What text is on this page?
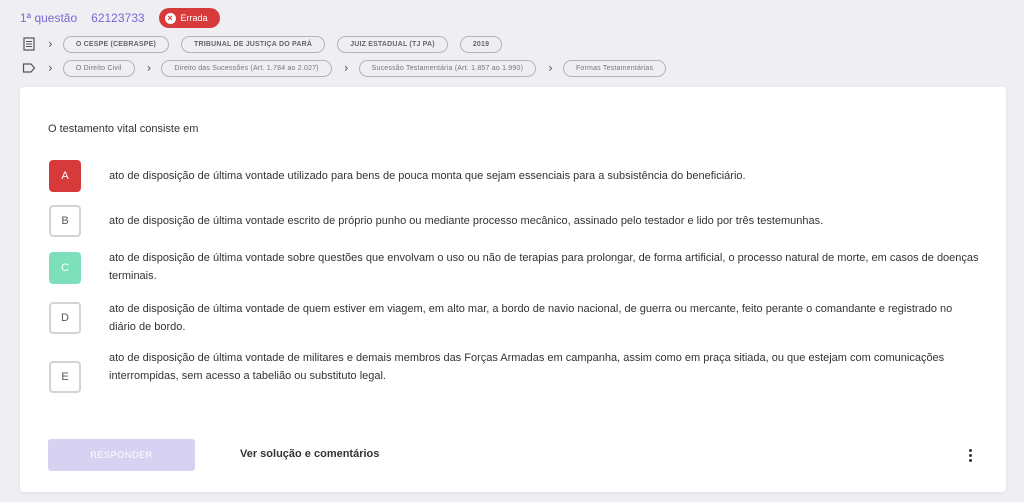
1ª questão 62123733	× Errada
›	O CESPE (CEBRASPE)	TRIBUNAL DE JUSTIÇA DO PARÁ	JUIZ ESTADUAL (TJ PA)	2019
›	O Direito Civil	›	Direito das Sucessões (Art. 1.784 ao 2.027)	›	Sucessão Testamentária (Art. 1.857 ao 1.990)	›	Formas Testamentárias
O testamento vital consiste em
A	ato de disposição de última vontade utilizado para bens de pouca monta que sejam essenciais para a subsistência do beneficiário.
B	ato de disposição de última vontade escrito de próprio punho ou mediante processo mecânico, assinado pelo testador e lido por três testemunhas.
C
ato de disposição de última vontade sobre questões que envolvam o uso ou não de terapias para prolongar, de forma artificial, o processo natural de morte, em casos de doenças terminais.
D
ato de disposição de última vontade de quem estiver em viagem, em alto mar, a bordo de navio nacional, de guerra ou mercante, feito perante o comandante e registrado no diário de bordo.
E
ato de disposição de última vontade de militares e demais membros das Forças Armadas em campanha, assim como em praça sitiada, ou que estejam com comunicações interrompidas, sem acesso a tabelião ou substituto legal.
RESPONDER	Ver solução e comentários
